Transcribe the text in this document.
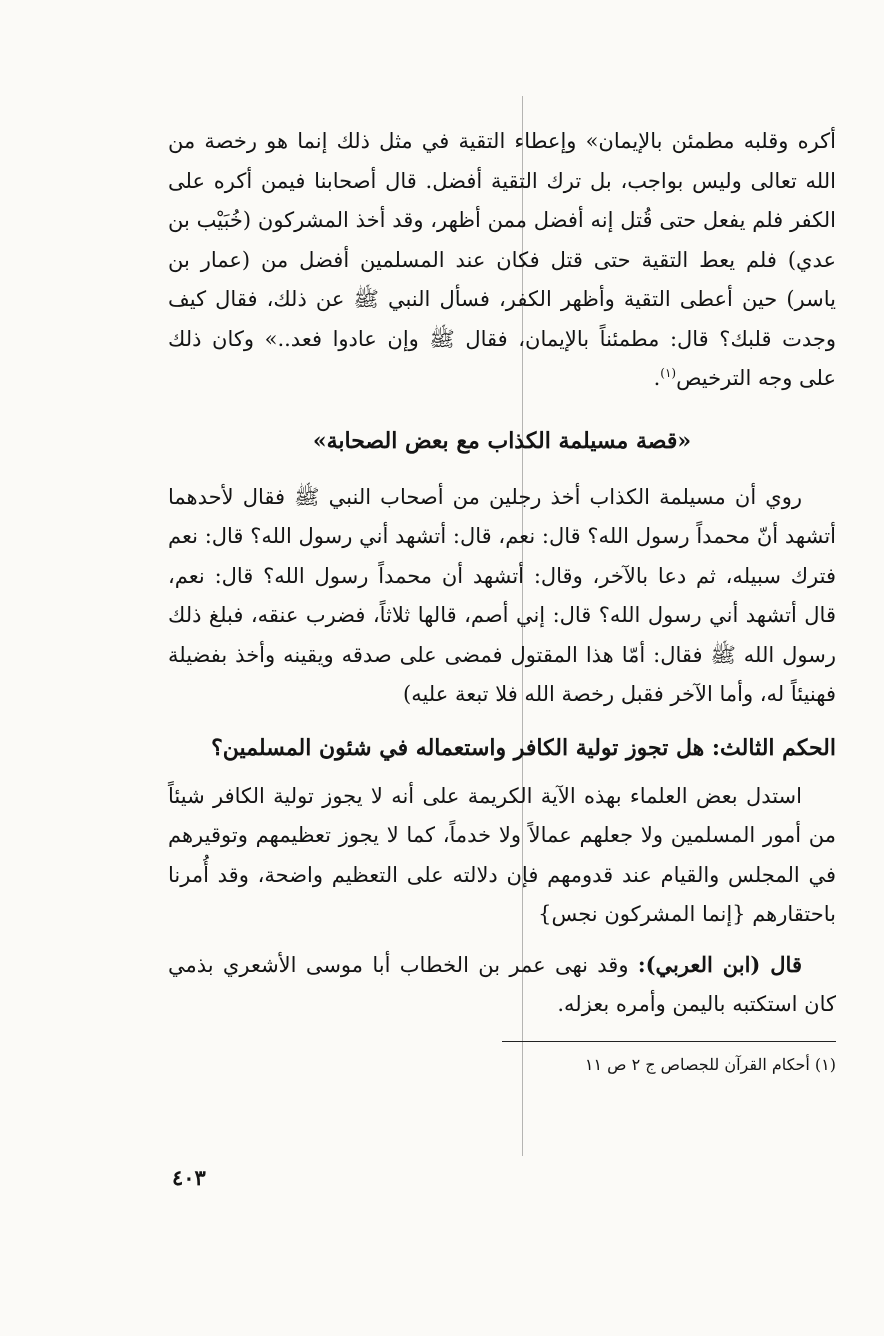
أكره وقلبه مطمئن بالإيمان» وإعطاء التقية في مثل ذلك إنما هو رخصة من الله تعالى وليس بواجب، بل ترك التقية أفضل. قال أصحابنا فيمن أكره على الكفر فلم يفعل حتى قُتل إنه أفضل ممن أظهر، وقد أخذ المشركون (خُبَيْب بن عدي) فلم يعط التقية حتى قتل فكان عند المسلمين أفضل من (عمار بن ياسر) حين أعطى التقية وأظهر الكفر، فسأل النبي ﷺ عن ذلك، فقال كيف وجدت قلبك؟ قال: مطمئناً بالإيمان، فقال ﷺ وإن عادوا فعد..» وكان ذلك على وجه الترخيص$^{(١)}$.

«قصة مسيلمة الكذاب مع بعض الصحابة»

روي أن مسيلمة الكذاب أخذ رجلين من أصحاب النبي ﷺ فقال لأحدهما أتشهد أنّ محمداً رسول الله؟ قال: نعم، قال: أتشهد أني رسول الله؟ قال: نعم فترك سبيله، ثم دعا بالآخر، وقال: أتشهد أن محمداً رسول الله؟ قال: نعم، قال أتشهد أني رسول الله؟ قال: إني أصم، قالها ثلاثاً، فضرب عنقه، فبلغ ذلك رسول الله ﷺ فقال: أمّا هذا المقتول فمضى على صدقه ويقينه وأخذ بفضيلة فهنيئاً له، وأما الآخر فقبل رخصة الله فلا تبعة عليه)

الحكم الثالث: هل تجوز تولية الكافر واستعماله في شئون المسلمين؟

استدل بعض العلماء بهذه الآية الكريمة على أنه لا يجوز تولية الكافر شيئاً من أمور المسلمين ولا جعلهم عمالاً ولا خدماً، كما لا يجوز تعظيمهم وتوقيرهم في المجلس والقيام عند قدومهم فإن دلالته على التعظيم واضحة، وقد أُمرنا باحتقارهم {إنما المشركون نجس}

قال (ابن العربي): وقد نهى عمر بن الخطاب أبا موسى الأشعري بذمي كان استكتبه باليمن وأمره بعزله.

(١) أحكام القرآن للجصاص ج ٢ ص ١١
٤٠٣
